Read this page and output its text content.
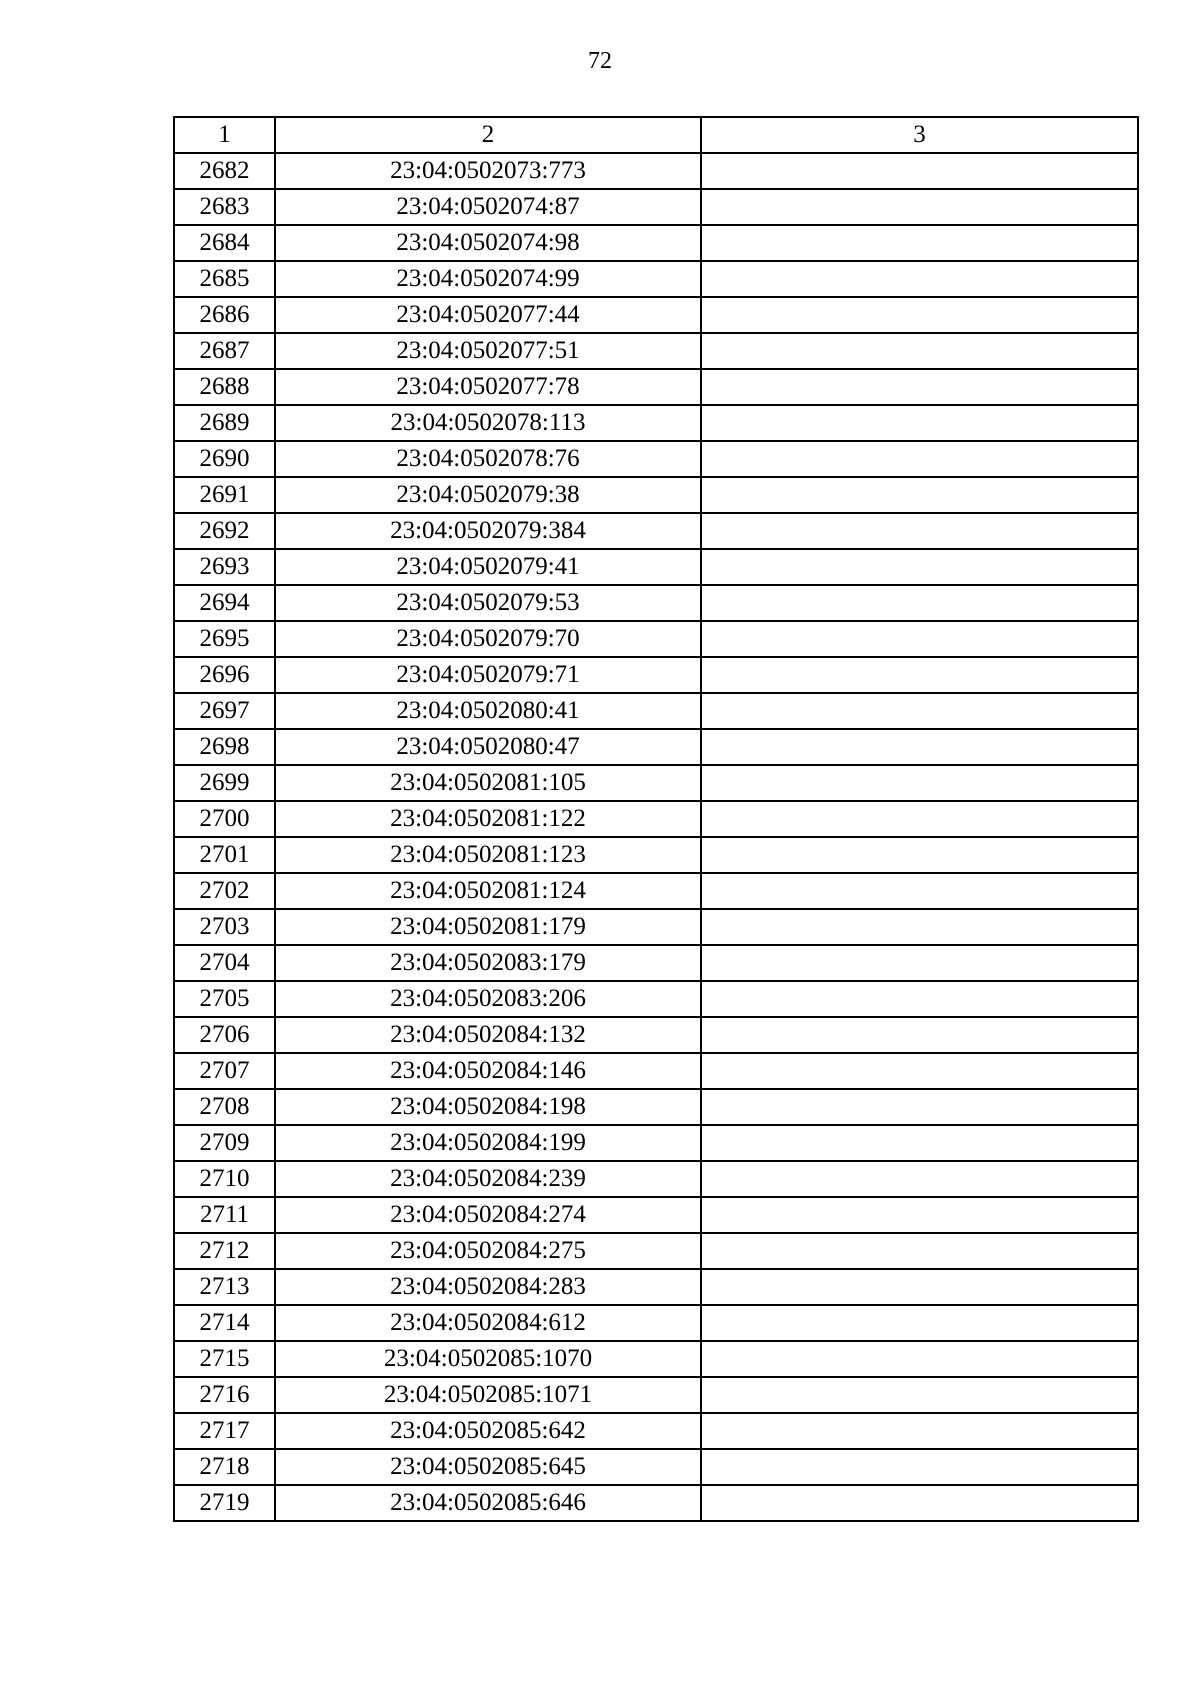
72
1	2	3
2682	23:04:0502073:773	
2683	23:04:0502074:87	
2684	23:04:0502074:98	
2685	23:04:0502074:99	
2686	23:04:0502077:44	
2687	23:04:0502077:51	
2688	23:04:0502077:78	
2689	23:04:0502078:113	
2690	23:04:0502078:76	
2691	23:04:0502079:38	
2692	23:04:0502079:384	
2693	23:04:0502079:41	
2694	23:04:0502079:53	
2695	23:04:0502079:70	
2696	23:04:0502079:71	
2697	23:04:0502080:41	
2698	23:04:0502080:47	
2699	23:04:0502081:105	
2700	23:04:0502081:122	
2701	23:04:0502081:123	
2702	23:04:0502081:124	
2703	23:04:0502081:179	
2704	23:04:0502083:179	
2705	23:04:0502083:206	
2706	23:04:0502084:132	
2707	23:04:0502084:146	
2708	23:04:0502084:198	
2709	23:04:0502084:199	
2710	23:04:0502084:239	
2711	23:04:0502084:274	
2712	23:04:0502084:275	
2713	23:04:0502084:283	
2714	23:04:0502084:612	
2715	23:04:0502085:1070	
2716	23:04:0502085:1071	
2717	23:04:0502085:642	
2718	23:04:0502085:645	
2719	23:04:0502085:646	
